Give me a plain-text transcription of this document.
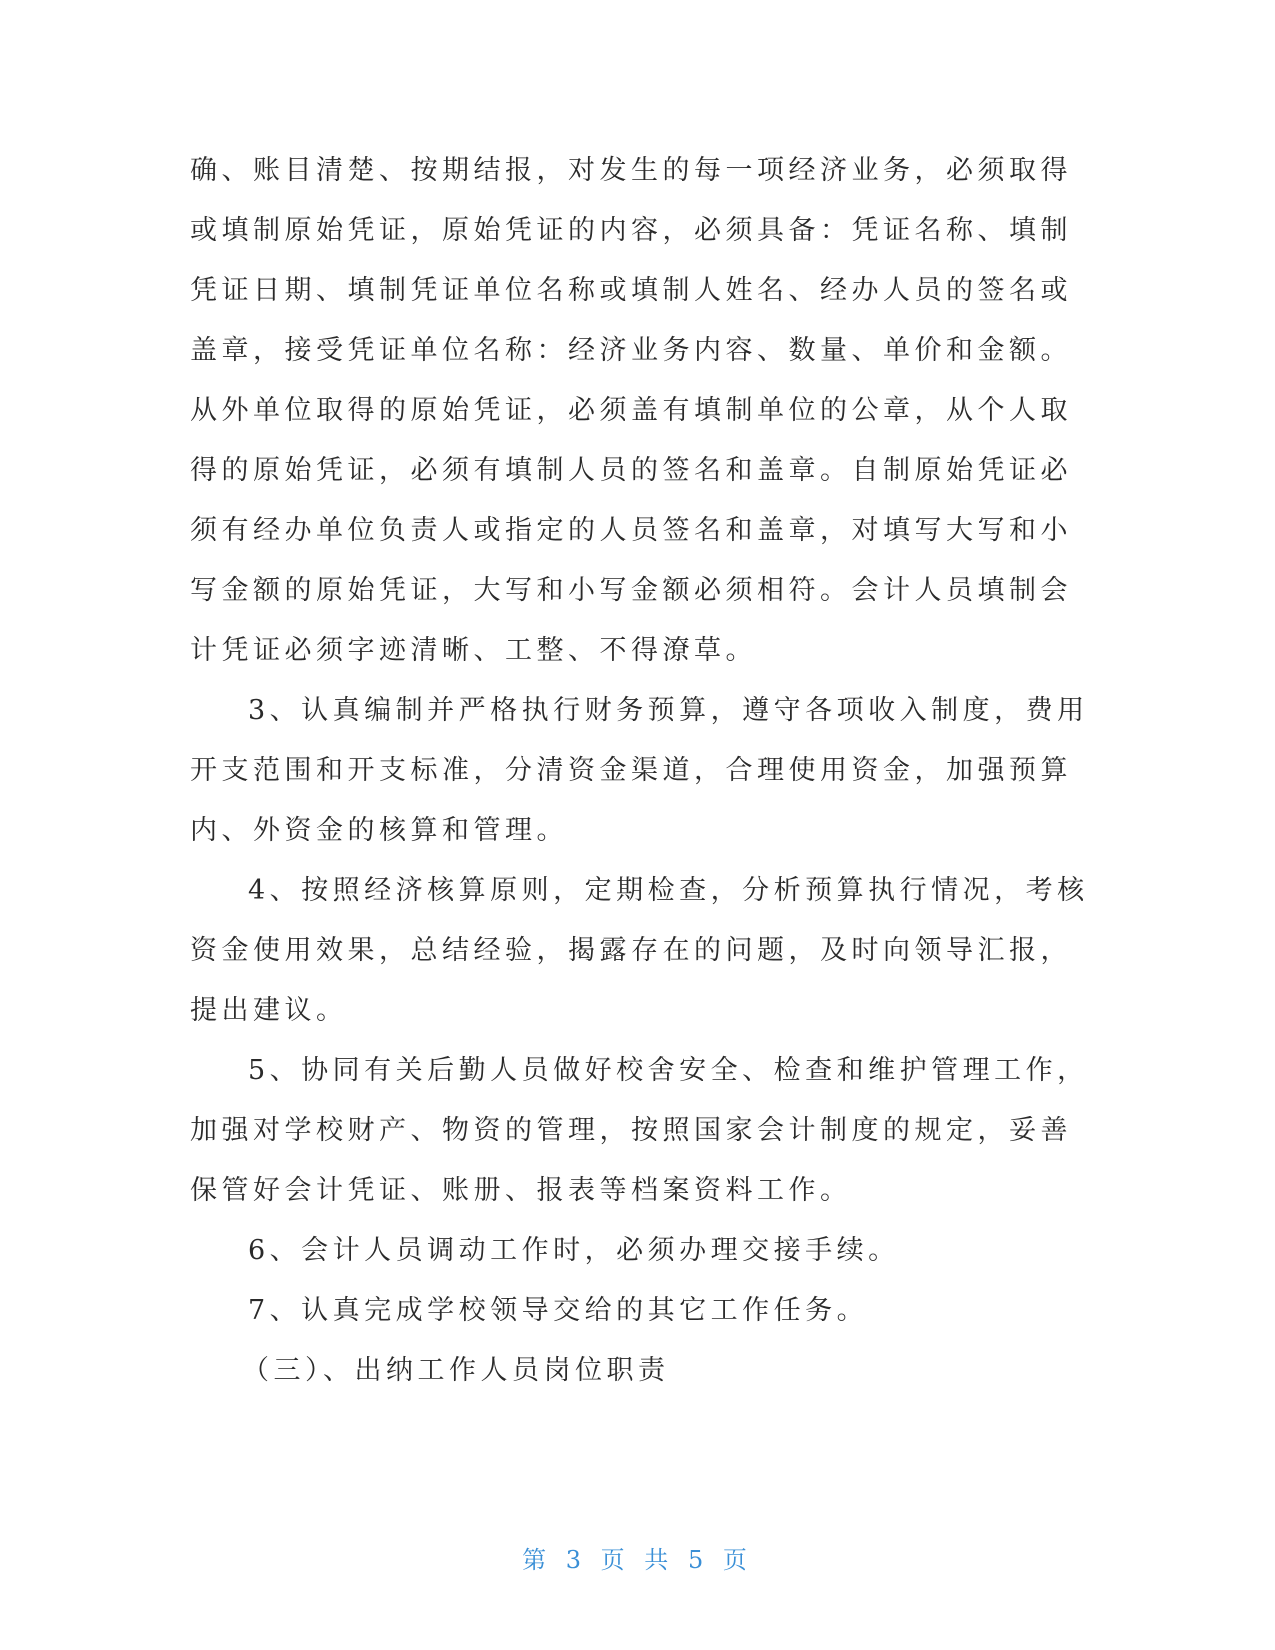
确、账目清楚、按期结报，对发生的每一项经济业务，必须取得
或填制原始凭证，原始凭证的内容，必须具备：凭证名称、填制
凭证日期、填制凭证单位名称或填制人姓名、经办人员的签名或
盖章，接受凭证单位名称：经济业务内容、数量、单价和金额。
从外单位取得的原始凭证，必须盖有填制单位的公章，从个人取
得的原始凭证，必须有填制人员的签名和盖章。自制原始凭证必
须有经办单位负责人或指定的人员签名和盖章，对填写大写和小
写金额的原始凭证，大写和小写金额必须相符。会计人员填制会
计凭证必须字迹清晰、工整、不得潦草。
3、认真编制并严格执行财务预算，遵守各项收入制度，费用
开支范围和开支标准，分清资金渠道，合理使用资金，加强预算
内、外资金的核算和管理。
4、按照经济核算原则，定期检查，分析预算执行情况，考核
资金使用效果，总结经验，揭露存在的问题，及时向领导汇报，
提出建议。
5、协同有关后勤人员做好校舍安全、检查和维护管理工作，
加强对学校财产、物资的管理，按照国家会计制度的规定，妥善
保管好会计凭证、账册、报表等档案资料工作。
6、会计人员调动工作时，必须办理交接手续。
7、认真完成学校领导交给的其它工作任务。
（三）、出纳工作人员岗位职责
第 3 页 共 5 页
